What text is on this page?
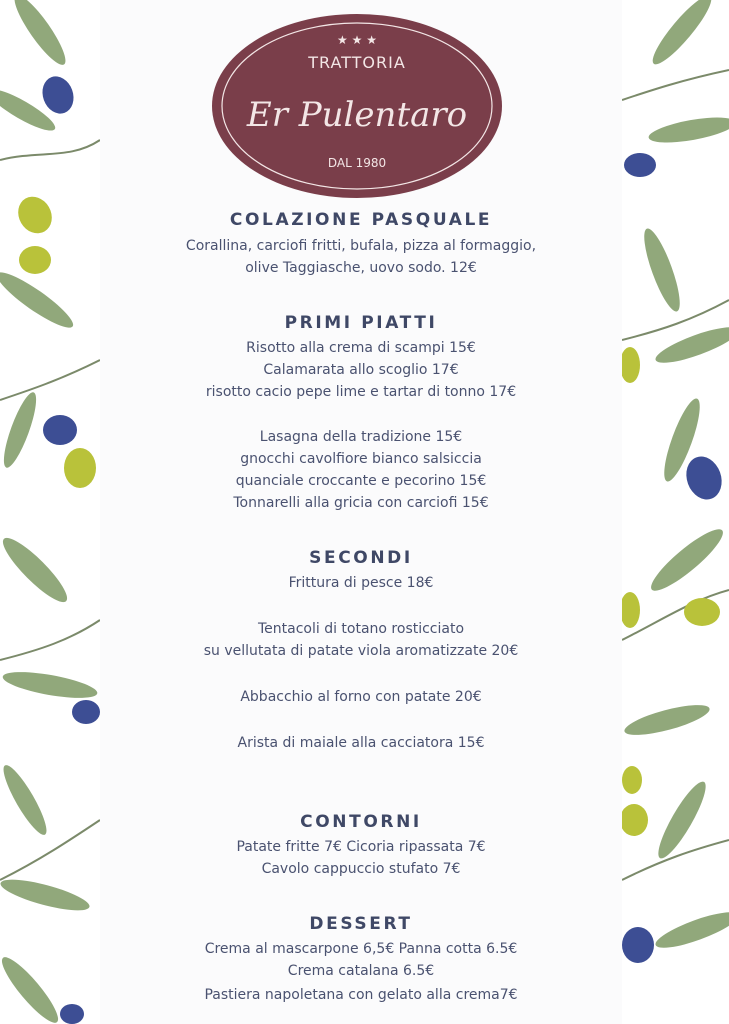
★ ★ ★
TRATTORIA
Er Pulentaro
DAL 1980
COLAZIONE PASQUALE
Corallina, carciofi fritti, bufala, pizza al formaggio,
olive Taggiasche, uovo sodo. 12€
PRIMI PIATTI
Risotto alla crema di scampi 15€
Calamarata allo scoglio 17€
risotto cacio pepe lime e tartar di tonno 17€
Lasagna della tradizione 15€
gnocchi cavolfiore bianco salsiccia
quanciale croccante e pecorino 15€
Tonnarelli alla gricia con carciofi 15€
SECONDI
Frittura di pesce 18€
Tentacoli di totano rosticciato
su vellutata di patate viola aromatizzate 20€
Abbacchio al forno con patate 20€
Arista di maiale alla cacciatora 15€
CONTORNI
Patate fritte 7€ Cicoria ripassata 7€
Cavolo cappuccio stufato 7€
DESSERT
Crema al mascarpone 6,5€ Panna cotta 6.5€
Crema catalana 6.5€
Pastiera napoletana con gelato alla crema7€
